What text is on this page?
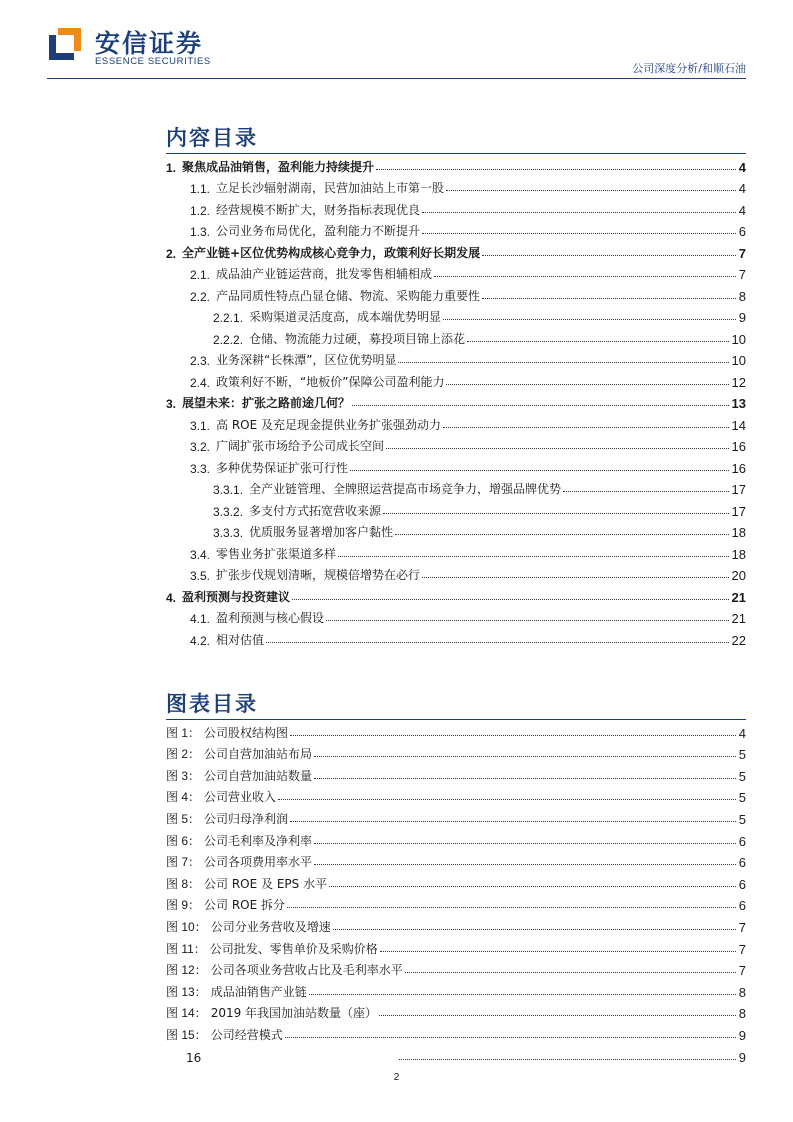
安信证券
ESSENCE SECURITIES
公司深度分析/和顺石油
内容目录
1. 聚焦成品油销售，盈利能力持续提升	4
1.1. 立足长沙辐射湖南，民营加油站上市第一股	4
1.2. 经营规模不断扩大，财务指标表现优良	4
1.3. 公司业务布局优化，盈利能力不断提升	6
2. 全产业链+区位优势构成核心竞争力，政策利好长期发展	7
2.1. 成品油产业链运营商，批发零售相辅相成	7
2.2. 产品同质性特点凸显仓储、物流、采购能力重要性	8
2.2.1. 采购渠道灵活度高，成本端优势明显	9
2.2.2. 仓储、物流能力过硬，募投项目锦上添花	10
2.3. 业务深耕“长株潭”，区位优势明显	10
2.4. 政策利好不断，“地板价”保障公司盈利能力	12
3. 展望未来：扩张之路前途几何？	13
3.1. 高 ROE 及充足现金提供业务扩张强劲动力	14
3.2. 广阔扩张市场给予公司成长空间	16
3.3. 多种优势保证扩张可行性	16
3.3.1. 全产业链管理、全牌照运营提高市场竞争力，增强品牌优势	17
3.3.2. 多支付方式拓宽营收来源	17
3.3.3. 优质服务显著增加客户黏性	18
3.4. 零售业务扩张渠道多样	18
3.5. 扩张步伐规划清晰，规模倍增势在必行	20
4. 盈利预测与投资建议	21
4.1. 盈利预测与核心假设	21
4.2. 相对估值	22
图表目录
图 1： 公司股权结构图	4
图 2： 公司自营加油站布局	5
图 3： 公司自营加油站数量	5
图 4： 公司营业收入	5
图 5： 公司归母净利润	5
图 6： 公司毛利率及净利率	6
图 7： 公司各项费用率水平	6
图 8： 公司 ROE 及 EPS 水平	6
图 9： 公司 ROE 拆分	6
图 10： 公司分业务营收及增速	7
图 11： 公司批发、零售单价及采购价格	7
图 12： 公司各项业务营收占比及毛利率水平	7
图 13： 成品油销售产业链	8
图 14： 2019 年我国加油站数量（座）	8
图 15： 公司经营模式	9
16	9
2
